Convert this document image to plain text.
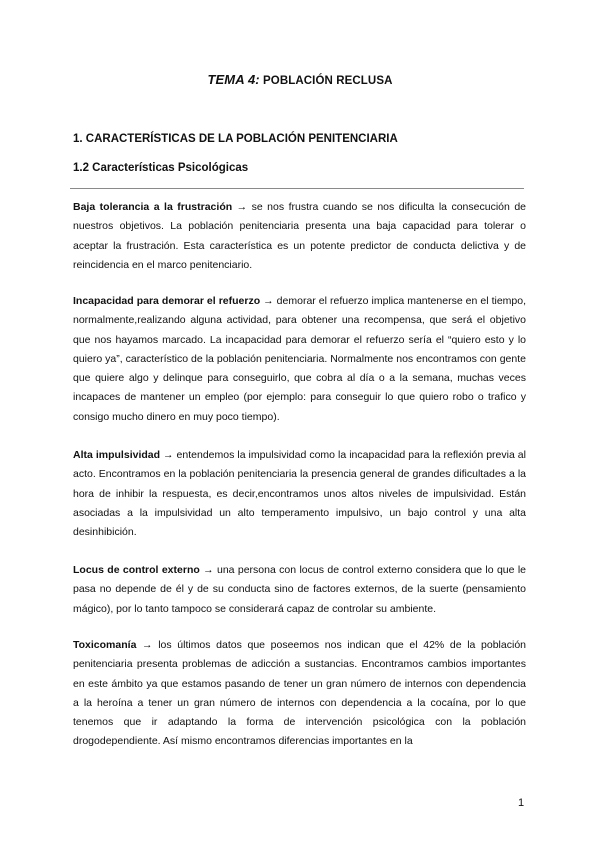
TEMA 4: POBLACIÓN RECLUSA
1. CARACTERÍSTICAS DE LA POBLACIÓN PENITENCIARIA
1.2 Características Psicológicas

Baja tolerancia a la frustración → se nos frustra cuando se nos dificulta la consecución de nuestros objetivos. La población penitenciaria presenta una baja capacidad para tolerar o aceptar la frustración. Esta característica es un potente predictor de conducta delictiva y de reincidencia en el marco penitenciario.

Incapacidad para demorar el refuerzo → demorar el refuerzo implica mantenerse en el tiempo, normalmente,realizando alguna actividad, para obtener una recompensa, que será el objetivo que nos hayamos marcado. La incapacidad para demorar el refuerzo sería el “quiero esto y lo quiero ya”, característico de la población penitenciaria. Normalmente nos encontramos con gente que quiere algo y delinque para conseguirlo, que cobra al día o a la semana, muchas veces incapaces de mantener un empleo (por ejemplo: para conseguir lo que quiero robo o trafico y consigo mucho dinero en muy poco tiempo).

Alta impulsividad → entendemos la impulsividad como la incapacidad para la reflexión previa al acto. Encontramos en la población penitenciaria la presencia general de grandes dificultades a la hora de inhibir la respuesta, es decir,encontramos unos altos niveles de impulsividad. Están asociadas a la impulsividad un alto temperamento impulsivo, un bajo control y una alta desinhibición.

Locus de control externo → una persona con locus de control externo considera que lo que le pasa no depende de él y de su conducta sino de factores externos, de la suerte (pensamiento mágico), por lo tanto tampoco se considerará capaz de controlar su ambiente.

Toxicomanía → los últimos datos que poseemos nos indican que el 42% de la población penitenciaria presenta problemas de adicción a sustancias. Encontramos cambios importantes en este ámbito ya que estamos pasando de tener un gran número de internos con dependencia a la heroína a tener un gran número de internos con dependencia a la cocaína, por lo que tenemos que ir adaptando la forma de intervención psicológica con la población drogodependiente. Así mismo encontramos diferencias importantes en la

1
